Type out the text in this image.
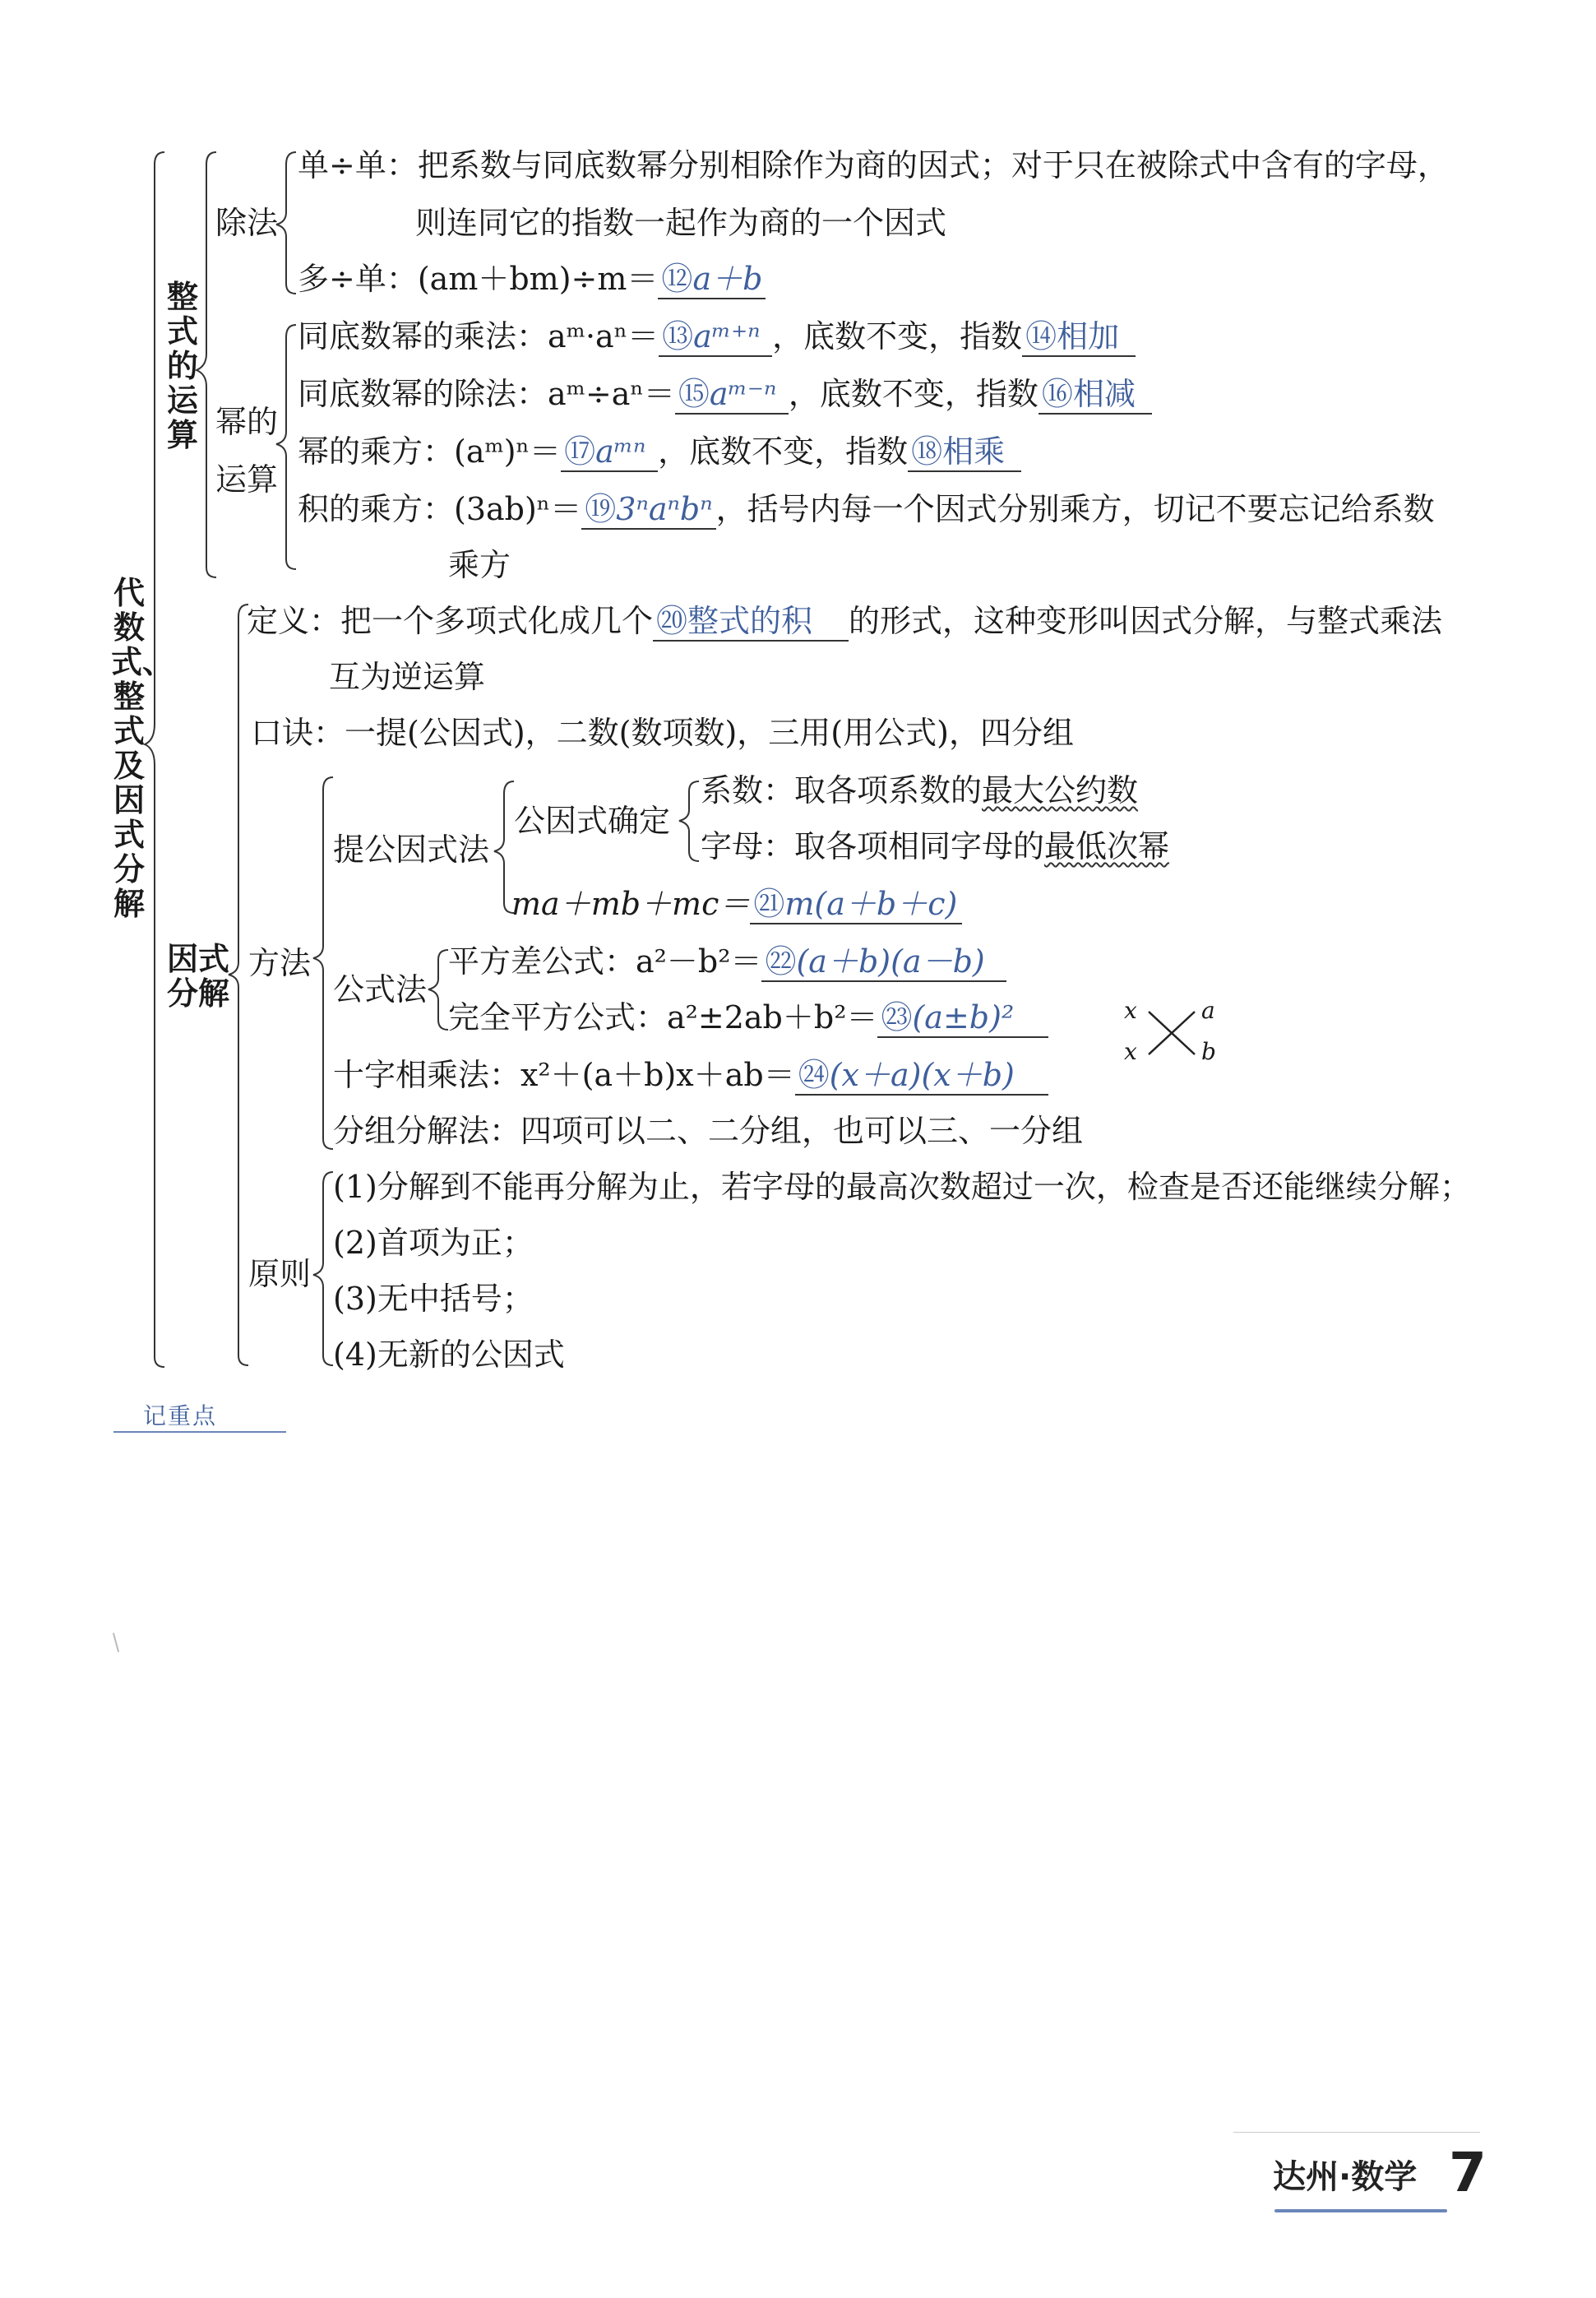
代数式、整式及因式分解
整式的运算
除法
单÷单：把系数与同底数幂分别相除作为商的因式；对于只在被除式中含有的字母，
则连同它的指数一起作为商的一个因式
多÷单：(am＋bm)÷m＝ ⑫a＋b
幂的
运算
同底数幂的乘法：aᵐ·aⁿ＝ ⑬aᵐ⁺ⁿ ，底数不变，指数 ⑭相加
同底数幂的除法：aᵐ÷aⁿ＝ ⑮aᵐ⁻ⁿ ，底数不变，指数 ⑯相减
幂的乘方：(aᵐ)ⁿ＝ ⑰aᵐⁿ ，底数不变，指数 ⑱相乘
积的乘方：(3ab)ⁿ＝ ⑲3ⁿaⁿbⁿ ，括号内每一个因式分别乘方，切记不要忘记给系数
乘方
因式分解
定义：把一个多项式化成几个 ⑳整式的积 的形式，这种变形叫因式分解，与整式乘法
互为逆运算
口诀：一提(公因式)，二数(数项数)，三用(用公式)，四分组
方法
提公因式法
公因式确定
系数：取各项系数的最大公约数
字母：取各项相同字母的最低次幂
ma＋mb＋mc＝ ㉑m(a＋b＋c)
公式法
平方差公式：a²－b²＝ ㉒(a＋b)(a－b)
完全平方公式：a²±2ab＋b²＝ ㉓(a±b)²
十字相乘法：x²＋(a＋b)x＋ab＝ ㉔(x＋a)(x＋b)
x
x
a
b
分组分解法：四项可以二、二分组，也可以三、一分组
原则
(1)分解到不能再分解为止，若字母的最高次数超过一次，检查是否还能继续分解；
(2)首项为正；
(3)无中括号；
(4)无新的公因式
记重点
达州·数学 7
